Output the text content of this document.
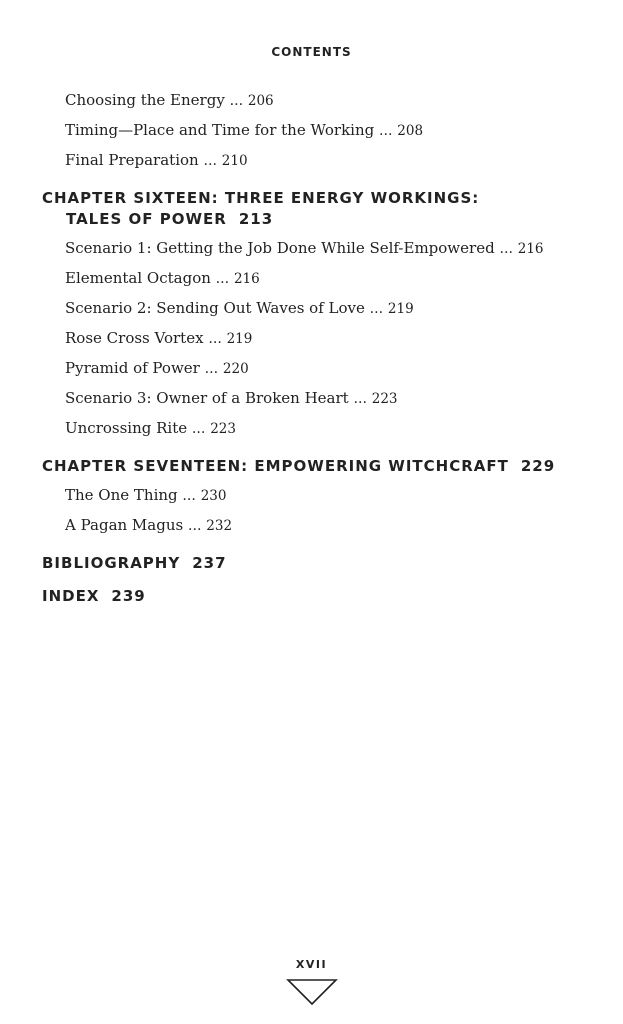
CONTENTS
Choosing the Energy … 206
Timing—Place and Time for the Working … 208
Final Preparation … 210
CHAPTER SIXTEEN: THREE ENERGY WORKINGS:
TALES OF POWER 213
Scenario 1: Getting the Job Done While Self-Empowered … 216
Elemental Octagon … 216
Scenario 2: Sending Out Waves of Love … 219
Rose Cross Vortex … 219
Pyramid of Power … 220
Scenario 3: Owner of a Broken Heart … 223
Uncrossing Rite … 223
CHAPTER SEVENTEEN: EMPOWERING WITCHCRAFT 229
The One Thing … 230
A Pagan Magus … 232
BIBLIOGRAPHY 237
INDEX 239
XVII
